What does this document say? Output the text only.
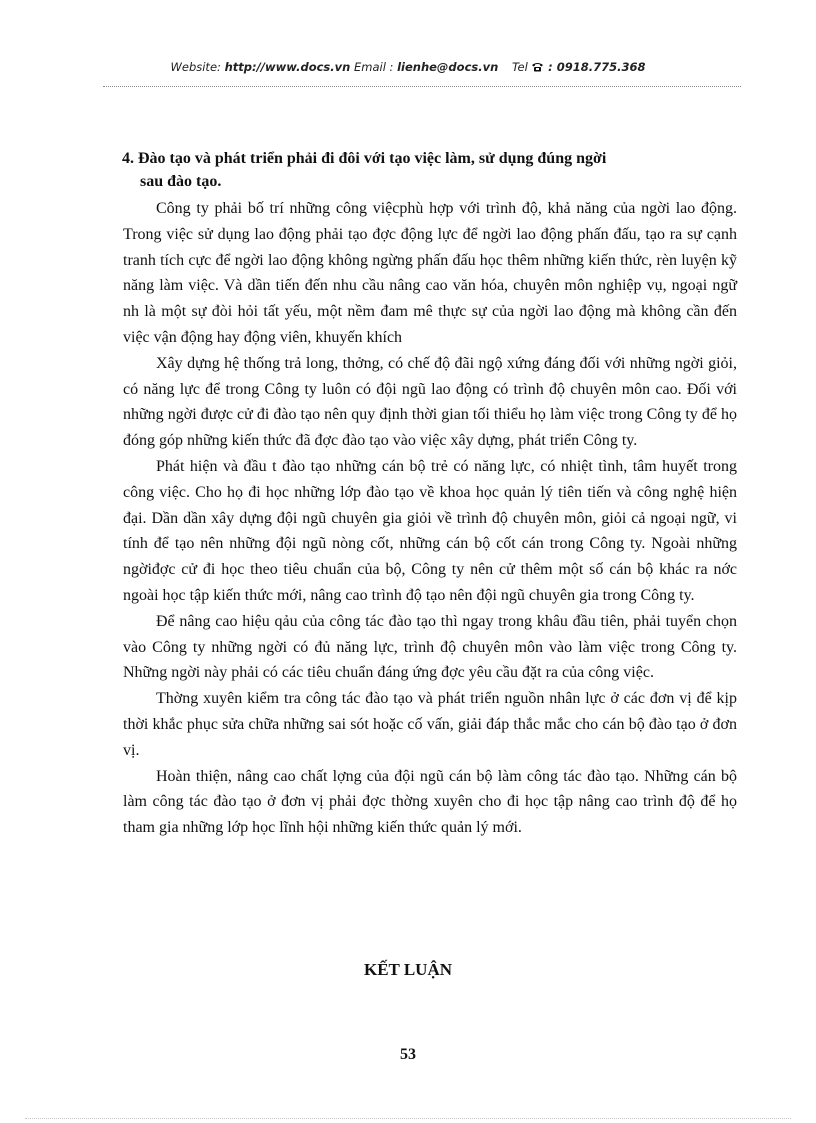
Website: http://www.docs.vn Email : lienhe@docs.vn Tel : 0918.775.368
4. Đào tạo và phát triển phải đi đôi với tạo việc làm, sử dụng đúng ngời
sau đào tạo.

Công ty phải bố trí những công việcphù hợp với trình độ, khả năng của ngời lao động. Trong việc sử dụng lao động phải tạo đợc động lực để ngời lao động phấn đấu, tạo ra sự cạnh tranh tích cực để ngời lao động không ngừng phấn đấu học thêm những kiến thức, rèn luyện kỹ năng làm việc. Và dần tiến đến nhu cầu nâng cao văn hóa, chuyên môn nghiệp vụ, ngoại ngữ nh là một sự đòi hỏi tất yếu, một nềm đam mê thực sự của ngời lao động mà không cần đến việc vận động hay động viên, khuyến khích

Xây dựng hệ thống trả long, thởng, có chế độ đãi ngộ xứng đáng đối với những ngời giỏi, có năng lực để trong Công ty luôn có đội ngũ lao động có trình độ chuyên môn cao. Đối với những ngời được cử đi đào tạo nên quy định thời gian tối thiểu họ làm việc trong Công ty để họ đóng góp những kiến thức đã đợc đào tạo vào việc xây dựng, phát triển Công ty.

Phát hiện và đầu t đào tạo những cán bộ trẻ có năng lực, có nhiệt tình, tâm huyết trong công việc. Cho họ đi học những lớp đào tạo về khoa học quản lý tiên tiến và công nghệ hiện đại. Dần dần xây dựng đội ngũ chuyên gia giỏi về trình độ chuyên môn, giỏi cả ngoại ngữ, vi tính để tạo nên những đội ngũ nòng cốt, những cán bộ cốt cán trong Công ty. Ngoài những ngờiđợc cử đi học theo tiêu chuẩn của bộ, Công ty nên cử thêm một số cán bộ khác ra nớc ngoài học tập kiến thức mới, nâng cao trình độ tạo nên đội ngũ chuyên gia trong Công ty.

Để nâng cao hiệu qảu của công tác đào tạo thì ngay trong khâu đầu tiên, phải tuyển chọn vào Công ty những ngời có đủ năng lực, trình độ chuyên môn vào làm việc trong Công ty. Những ngời này phải có các tiêu chuẩn đáng ứng đợc yêu cầu đặt ra của công việc.

Thờng xuyên kiểm tra công tác đào tạo và phát triển nguồn nhân lực ở các đơn vị để kịp thời khắc phục sửa chữa những sai sót hoặc cố vấn, giải đáp thắc mắc cho cán bộ đào tạo ở đơn vị.

Hoàn thiện, nâng cao chất lợng của đội ngũ cán bộ làm công tác đào tạo. Những cán bộ làm công tác đào tạo ở đơn vị phải đợc thờng xuyên cho đi học tập nâng cao trình độ để họ tham gia những lớp học lĩnh hội những kiến thức quản lý mới.

KẾT LUẬN
53
